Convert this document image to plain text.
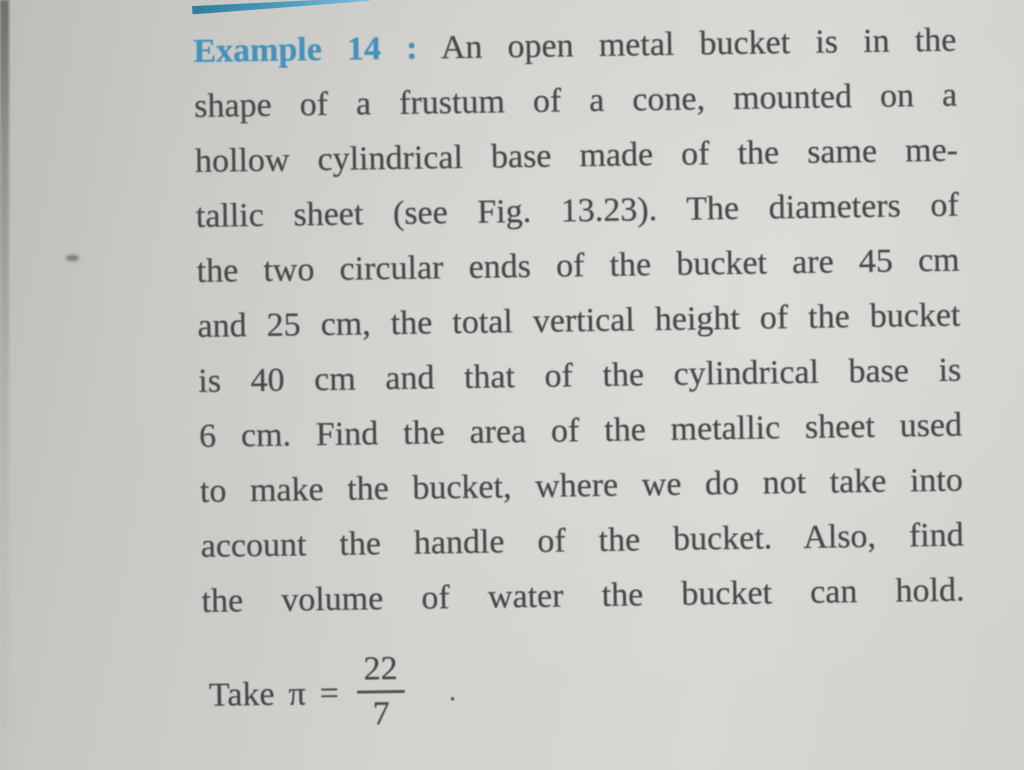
Example 14 : An open metal bucket is in the
shape of a frustum of a cone, mounted on a
hollow cylindrical base made of the same me-
tallic sheet (see Fig. 13.23). The diameters of
the two circular ends of the bucket are 45 cm
and 25 cm, the total vertical height of the bucket
is 40 cm and that of the cylindrical base is
6 cm. Find the area of the metallic sheet used
to make the bucket, where we do not take into
account the handle of the bucket. Also, find
the volume of water the bucket can hold.
Take $\pi = \frac{22}{7}$ .
